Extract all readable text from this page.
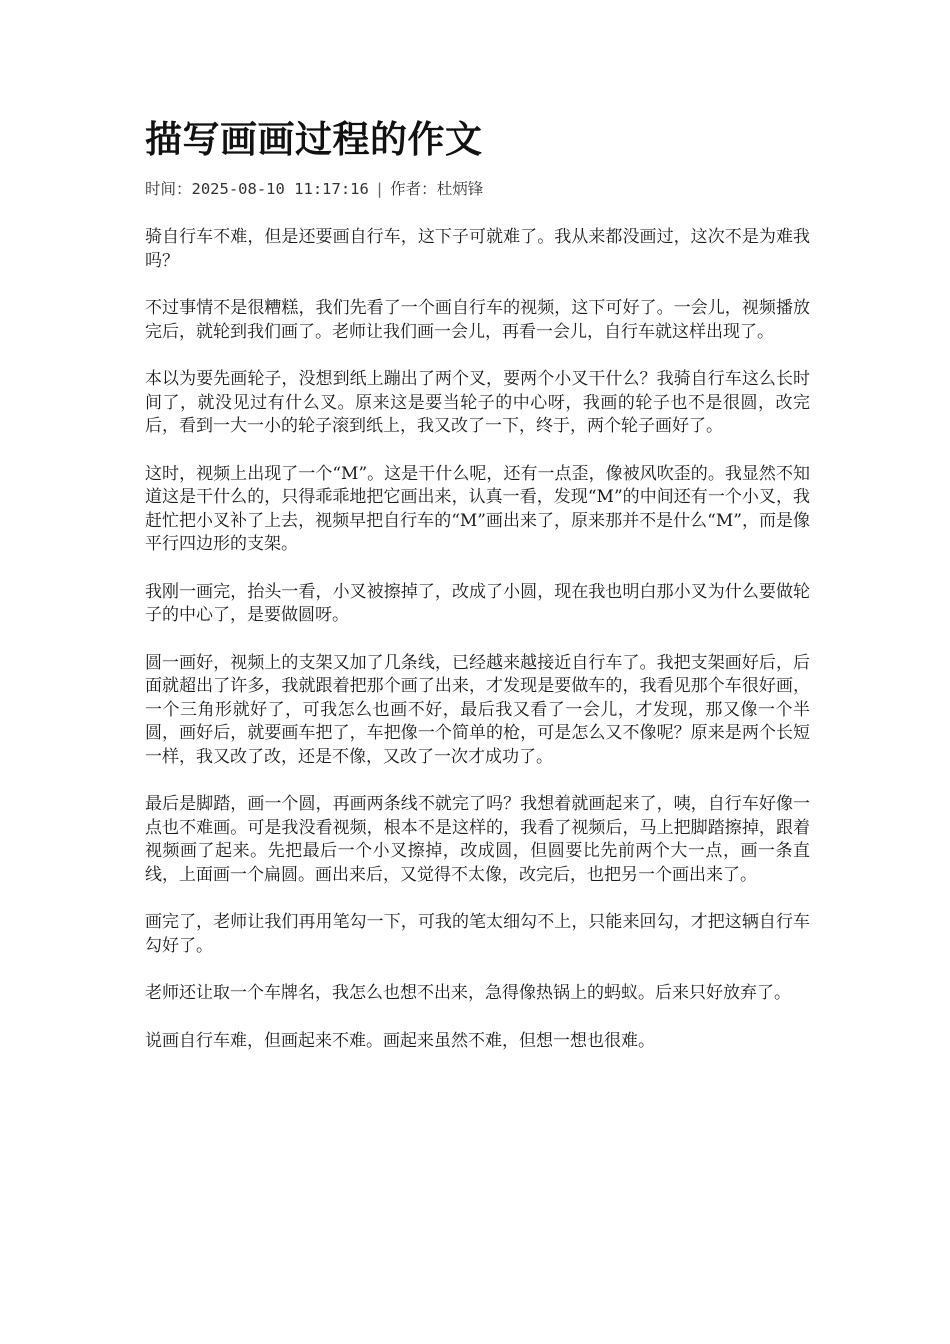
描写画画过程的作文
时间：2025-08-10 11:17:16 | 作者：杜炳锋

骑自行车不难，但是还要画自行车，这下子可就难了。我从来都没画过，这次不是为难我吗？

不过事情不是很糟糕，我们先看了一个画自行车的视频，这下可好了。一会儿，视频播放完后，就轮到我们画了。老师让我们画一会儿，再看一会儿，自行车就这样出现了。

本以为要先画轮子，没想到纸上蹦出了两个叉，要两个小叉干什么？我骑自行车这么长时间了，就没见过有什么叉。原来这是要当轮子的中心呀，我画的轮子也不是很圆，改完后，看到一大一小的轮子滚到纸上，我又改了一下，终于，两个轮子画好了。

这时，视频上出现了一个“M”。这是干什么呢，还有一点歪，像被风吹歪的。我显然不知道这是干什么的，只得乖乖地把它画出来，认真一看，发现“M”的中间还有一个小叉，我赶忙把小叉补了上去，视频早把自行车的“M”画出来了，原来那并不是什么“M”，而是像平行四边形的支架。

我刚一画完，抬头一看，小叉被擦掉了，改成了小圆，现在我也明白那小叉为什么要做轮子的中心了，是要做圆呀。

圆一画好，视频上的支架又加了几条线，已经越来越接近自行车了。我把支架画好后，后面就超出了许多，我就跟着把那个画了出来，才发现是要做车的，我看见那个车很好画，一个三角形就好了，可我怎么也画不好，最后我又看了一会儿，才发现，那又像一个半圆，画好后，就要画车把了，车把像一个简单的枪，可是怎么又不像呢？原来是两个长短一样，我又改了改，还是不像，又改了一次才成功了。

最后是脚踏，画一个圆，再画两条线不就完了吗？我想着就画起来了，咦，自行车好像一点也不难画。可是我没看视频，根本不是这样的，我看了视频后，马上把脚踏擦掉，跟着视频画了起来。先把最后一个小叉擦掉，改成圆，但圆要比先前两个大一点，画一条直线，上面画一个扁圆。画出来后，又觉得不太像，改完后，也把另一个画出来了。

画完了，老师让我们再用笔勾一下，可我的笔太细勾不上，只能来回勾，才把这辆自行车勾好了。

老师还让取一个车牌名，我怎么也想不出来，急得像热锅上的蚂蚁。后来只好放弃了。

说画自行车难，但画起来不难。画起来虽然不难，但想一想也很难。
